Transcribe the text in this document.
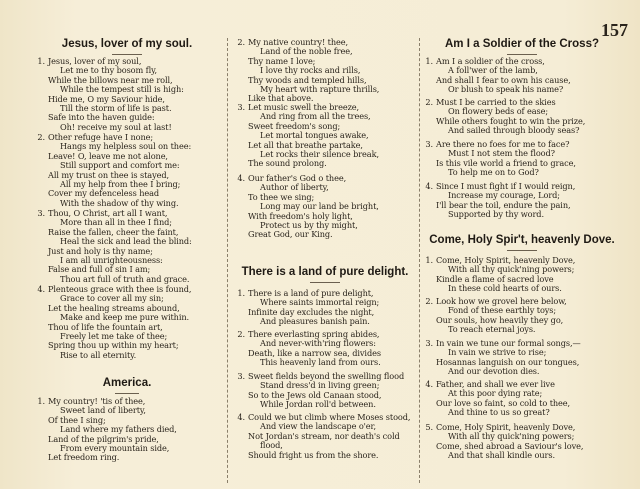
157
Jesus, lover of my soul.
1. Jesus, lover of my soul,
Let me to thy bosom fly,
While the billows near me roll,
While the tempest still is high:
Hide me, O my Saviour hide,
Till the storm of life is past.
Safe into the haven guide:
Oh! receive my soul at last!
2. Other refuge have I none;
Hangs my helpless soul on thee:
Leave! O, leave me not alone,
Still support and comfort me:
All my trust on thee is stayed,
All my help from thee I bring;
Cover my defenceless head
With the shadow of thy wing.
3. Thou, O Christ, art all I want,
More than all in thee I find;
Raise the fallen, cheer the faint,
Heal the sick and lead the blind:
Just and holy is thy name;
I am all unrighteousness:
False and full of sin I am;
Thou art full of truth and grace.
4. Plenteous grace with thee is found,
Grace to cover all my sin;
Let the healing streams abound,
Make and keep me pure within.
Thou of life the fountain art,
Freely let me take of thee;
Spring thou up within my heart;
Rise to all eternity.
America.
1. My country! 'tis of thee,
Sweet land of liberty,
Of thee I sing;
Land where my fathers died,
Land of the pilgrim's pride,
From every mountain side,
Let freedom ring.
There is a land of pure delight.
1. There is a land of pure delight,
Where saints immortal reign;
Infinite day excludes the night,
And pleasures banish pain.
2. There everlasting spring abides,
And never-with'ring flowers:
Death, like a narrow sea, divides
This heavenly land from ours.
3. Sweet fields beyond the swelling flood
Stand dress'd in living green;
So to the Jews old Canaan stood,
While Jordan roll'd between.
4. Could we but climb where Moses stood,
And view the landscape o'er,
Not Jordan's stream, nor death's cold
flood,
Should fright us from the shore.
2. My native country! thee,
Land of the noble free,
Thy name I love;
I love thy rocks and rills,
Thy woods and templed hills,
My heart with rapture thrills,
Like that above.
3. Let music swell the breeze,
And ring from all the trees,
Sweet freedom's song;
Let mortal tongues awake,
Let all that breathe partake,
Let rocks their silence break,
The sound prolong.
4. Our father's God o thee,
Author of liberty,
To thee we sing;
Long may our land be bright,
With freedom's holy light,
Protect us by thy might,
Great God, our King.
Am I a Soldier of the Cross?
1. Am I a soldier of the cross,
A foll'wer of the lamb,
And shall I fear to own his cause,
Or blush to speak his name?
2. Must I be carried to the skies
On flowery beds of ease;
While others fought to win the prize,
And sailed through bloody seas?
3. Are there no foes for me to face?
Must I not stem the flood?
Is this vile world a friend to grace,
To help me on to God?
4. Since I must fight if I would reign,
Increase my courage, Lord;
I'll bear the toil, endure the pain,
Supported by thy word.
Come, Holy Spir't, heavenly Dove.
1. Come, Holy Spirit, heavenly Dove,
With all thy quick'ning powers;
Kindle a flame of sacred love
In these cold hearts of ours.
2. Look how we grovel here below,
Fond of these earthly toys;
Our souls, how heavily they go,
To reach eternal joys.
3. In vain we tune our formal songs,—
In vain we strive to rise;
Hosannas languish on our tongues,
And our devotion dies.
4. Father, and shall we ever live
At this poor dying rate;
Our love so faint, so cold to thee,
And thine to us so great?
5. Come, Holy Spirit, heavenly Dove,
With all thy quick'ning powers;
Come, shed abroad a Saviour's love,
And that shall kindle ours.
